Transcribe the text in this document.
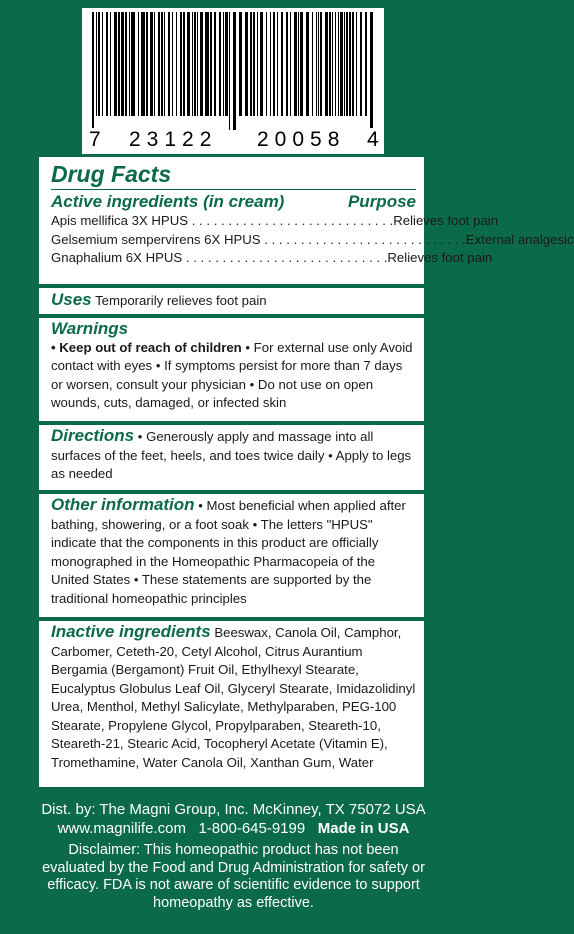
7 23122 20058 4
Drug Facts
Active ingredients (in cream)	Purpose
Apis mellifica 3X HPUS . . . . . . . . . . . . . . . . . . . . . . . . . . . . Relieves foot pain
Gelsemium sempervirens 6X HPUS . . . . . . . . . . . . . . . . . . . . . . . . . . . . External analgesic
Gnaphalium 6X HPUS . . . . . . . . . . . . . . . . . . . . . . . . . . . . Relieves foot pain
Uses Temporarily relieves foot pain
Warnings
• Keep out of reach of children • For external use only Avoid contact with eyes • If symptoms persist for more than 7 days or worsen, consult your physician • Do not use on open wounds, cuts, damaged, or infected skin
Directions • Generously apply and massage into all surfaces of the feet, heels, and toes twice daily • Apply to legs as needed
Other information • Most beneficial when applied after bathing, showering, or a foot soak • The letters "HPUS" indicate that the components in this product are officially monographed in the Homeopathic Pharmacopeia of the United States • These statements are supported by the traditional homeopathic principles
Inactive ingredients Beeswax, Canola Oil, Camphor, Carbomer, Ceteth-20, Cetyl Alcohol, Citrus Aurantium Bergamia (Bergamont) Fruit Oil, Ethylhexyl Stearate, Eucalyptus Globulus Leaf Oil, Glyceryl Stearate, Imidazolidinyl Urea, Menthol, Methyl Salicylate, Methylparaben, PEG-100 Stearate, Propylene Glycol, Propylparaben, Steareth-10, Steareth-21, Stearic Acid, Tocopheryl Acetate (Vitamin E), Tromethamine, Water Canola Oil, Xanthan Gum, Water
Dist. by: The Magni Group, Inc. McKinney, TX 75072 USA
www.magnilife.com 1-800-645-9199 Made in USA
Disclaimer: This homeopathic product has not been evaluated by the Food and Drug Administration for safety or efficacy. FDA is not aware of scientific evidence to support homeopathy as effective.
